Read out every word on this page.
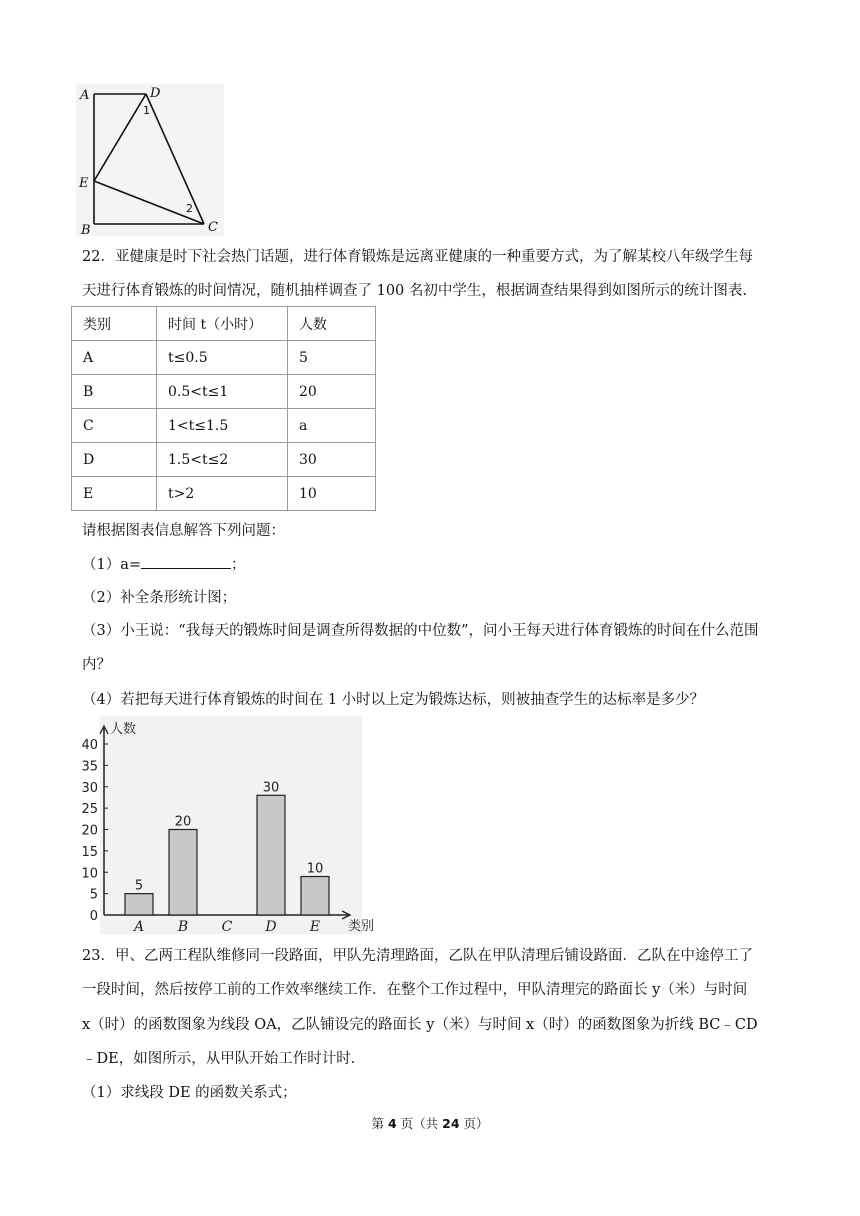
A	D
E
B	C
1
2
22．亚健康是时下社会热门话题，进行体育锻炼是远离亚健康的一种重要方式，为了解某校八年级学生每
天进行体育锻炼的时间情况，随机抽样调查了 100 名初中学生，根据调查结果得到如图所示的统计图表.
类别	时间 t（小时）	人数
A	t≤0.5	5
B	0.5<t≤1	20
C	1<t≤1.5	a
D	1.5<t≤2	30
E	t>2	10
请根据图表信息解答下列问题：
（1）a=	；
（2）补全条形统计图；
（3）小王说：“我每天的锻炼时间是调查所得数据的中位数”，问小王每天进行体育锻炼的时间在什么范围
内？
（4）若把每天进行体育锻炼的时间在 1 小时以上定为锻炼达标，则被抽查学生的达标率是多少？
0
5
10
15
20
25
30
35
40
人数
类别
5
A
20
B C
30
D
10
E
23．甲、乙两工程队维修同一段路面，甲队先清理路面，乙队在甲队清理后铺设路面．乙队在中途停工了
一段时间，然后按停工前的工作效率继续工作．在整个工作过程中，甲队清理完的路面长 y（米）与时间
x（时）的函数图象为线段 OA，乙队铺设完的路面长 y（米）与时间 x（时）的函数图象为折线 BC﹣CD
﹣DE，如图所示，从甲队开始工作时计时．
（1）求线段 DE 的函数关系式；
第 4 页（共 24 页）
